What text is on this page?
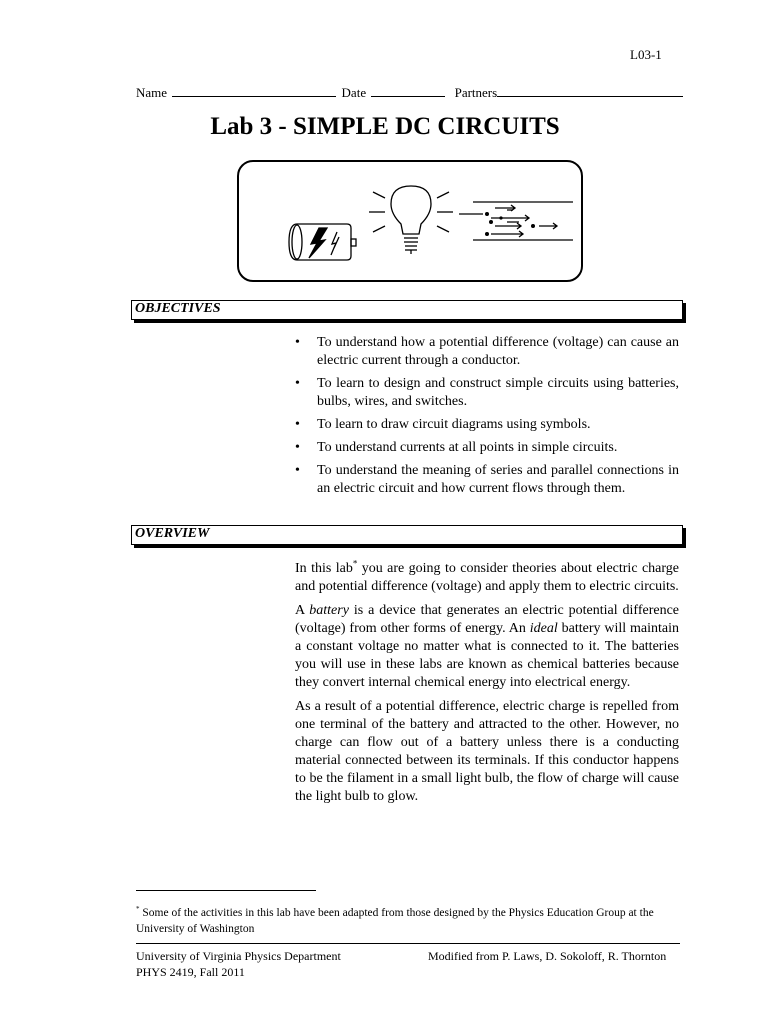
L03-1
Name	Date	Partners
Lab 3 - SIMPLE DC CIRCUITS
OBJECTIVES
• To understand how a potential difference (voltage) can cause an electric current through a conductor.
• To learn to design and construct simple circuits using batteries, bulbs, wires, and switches.
• To learn to draw circuit diagrams using symbols.
• To understand currents at all points in simple circuits.
• To understand the meaning of series and parallel connections in an electric circuit and how current flows through them.
OVERVIEW

In this lab* you are going to consider theories about electric charge and potential difference (voltage) and apply them to electric circuits.

A battery is a device that generates an electric potential difference (voltage) from other forms of energy. An ideal battery will maintain a constant voltage no matter what is connected to it. The batteries you will use in these labs are known as chemical batteries because they convert internal chemical energy into electrical energy.

As a result of a potential difference, electric charge is repelled from one terminal of the battery and attracted to the other. However, no charge can flow out of a battery unless there is a conducting material connected between its terminals. If this conductor happens to be the filament in a small light bulb, the flow of charge will cause the light bulb to glow.

* Some of the activities in this lab have been adapted from those designed by the Physics Education Group at the University of Washington
University of Virginia Physics Department
PHYS 2419, Fall 2011
Modified from P. Laws, D. Sokoloff, R. Thornton
